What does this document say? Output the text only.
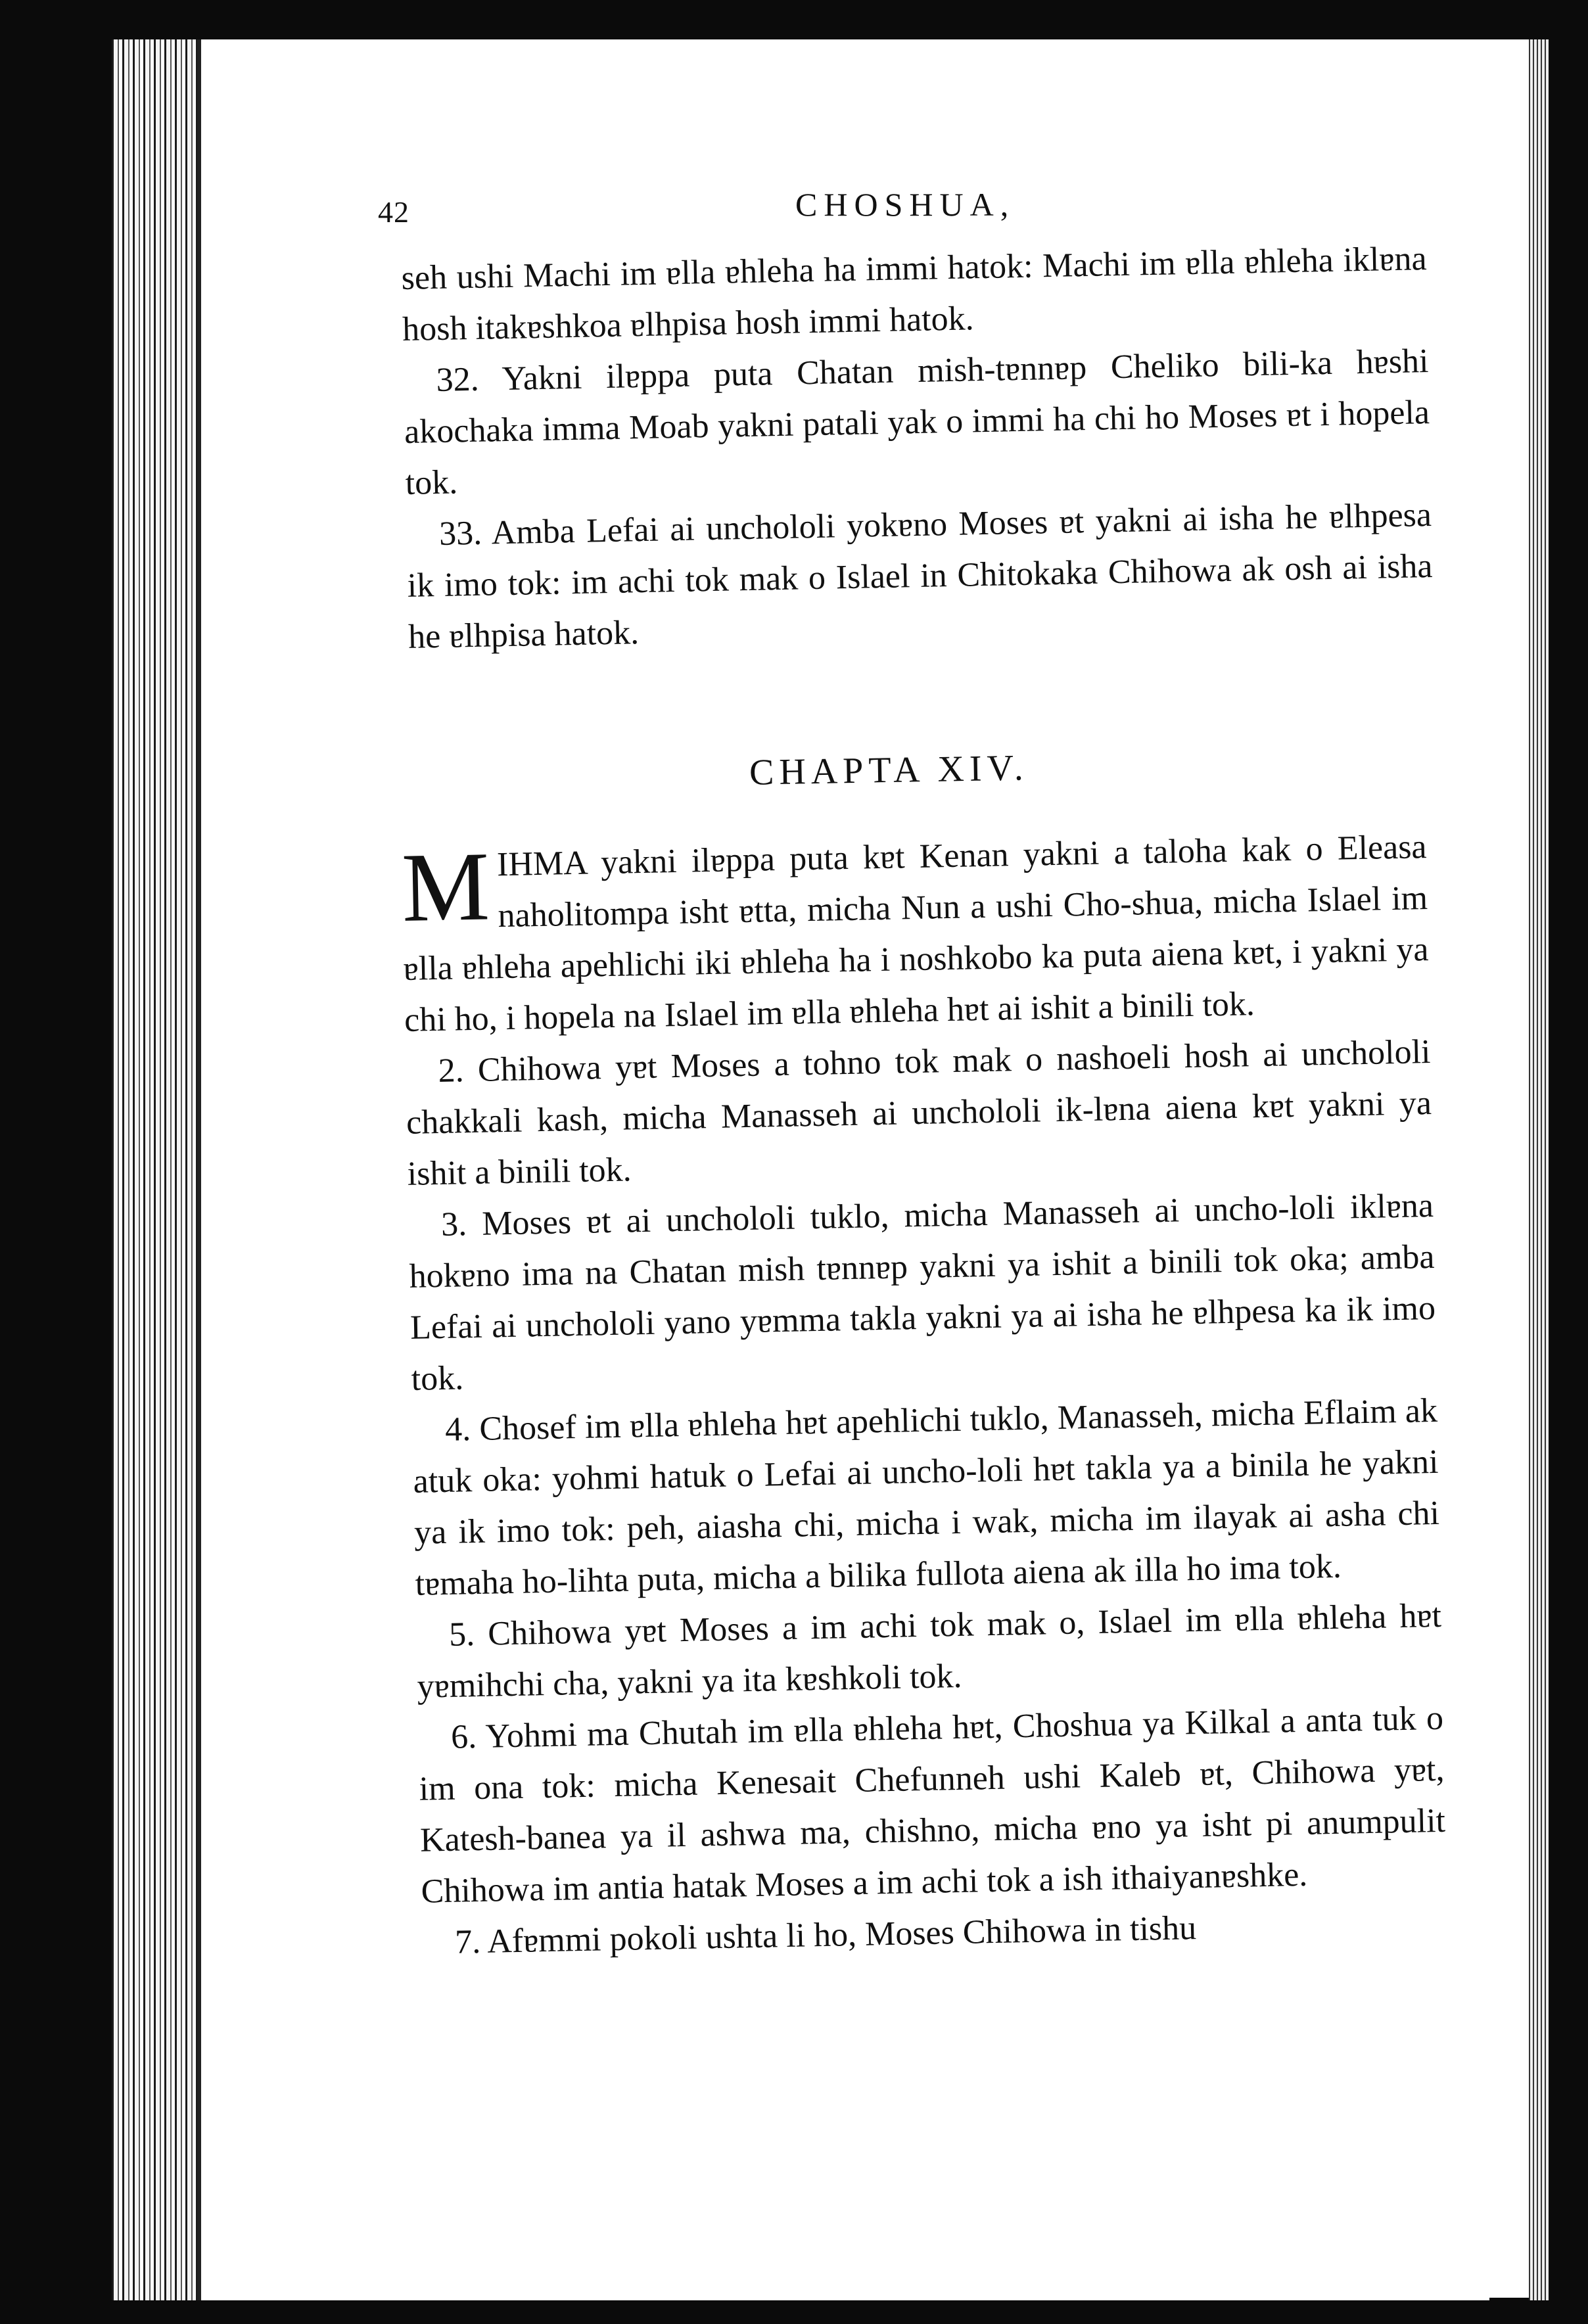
42	CHOSHUA,

seh ushi Machi im ɐlla ɐhleha ha immi hatok: Machi im ɐlla ɐhleha iklɐna hosh itakɐshkoa ɐlhpisa hosh immi hatok.

32. Yakni ilɐppa puta Chatan mish-tɐnnɐp Cheliko bili-ka hɐshi akochaka imma Moab yakni patali yak o immi ha chi ho Moses ɐt i hopela tok.

33. Amba Lefai ai unchololi yokɐno Moses ɐt yakni ai isha he ɐlhpesa ik imo tok: im achi tok mak o Islael in Chitokaka Chihowa ak osh ai isha he ɐlhpisa hatok.

CHAPTA XIV.

MIHMA yakni ilɐppa puta kɐt Kenan yakni a taloha kak o Eleasa naholitompa isht ɐtta, micha Nun a ushi Cho-shua, micha Islael im ɐlla ɐhleha apehlichi iki ɐhleha ha i noshkobo ka puta aiena kɐt, i yakni ya chi ho, i hopela na Islael im ɐlla ɐhleha hɐt ai ishit a binili tok.

2. Chihowa yɐt Moses a tohno tok mak o nashoeli hosh ai unchololi chakkali kash, micha Manasseh ai unchololi ik-lɐna aiena kɐt yakni ya ishit a binili tok.

3. Moses ɐt ai unchololi tuklo, micha Manasseh ai uncho-loli iklɐna hokɐno ima na Chatan mish tɐnnɐp yakni ya ishit a binili tok oka; amba Lefai ai unchololi yano yɐmma takla yakni ya ai isha he ɐlhpesa ka ik imo tok.

4. Chosef im ɐlla ɐhleha hɐt apehlichi tuklo, Manasseh, micha Eflaim ak atuk oka: yohmi hatuk o Lefai ai uncho-loli hɐt takla ya a binila he yakni ya ik imo tok: peh, aiasha chi, micha i wak, micha im ilayak ai asha chi tɐmaha ho-lihta puta, micha a bilika fullota aiena ak illa ho ima tok.

5. Chihowa yɐt Moses a im achi tok mak o, Islael im ɐlla ɐhleha hɐt yɐmihchi cha, yakni ya ita kɐshkoli tok.

6. Yohmi ma Chutah im ɐlla ɐhleha hɐt, Choshua ya Kilkal a anta tuk o im ona tok: micha Kenesait Chefunneh ushi Kaleb ɐt, Chihowa yɐt, Katesh-banea ya il ashwa ma, chishno, micha ɐno ya isht pi anumpulit Chihowa im antia hatak Moses a im achi tok a ish ithaiyanɐshke.

7. Afɐmmi pokoli ushta li ho, Moses Chihowa in tishu
